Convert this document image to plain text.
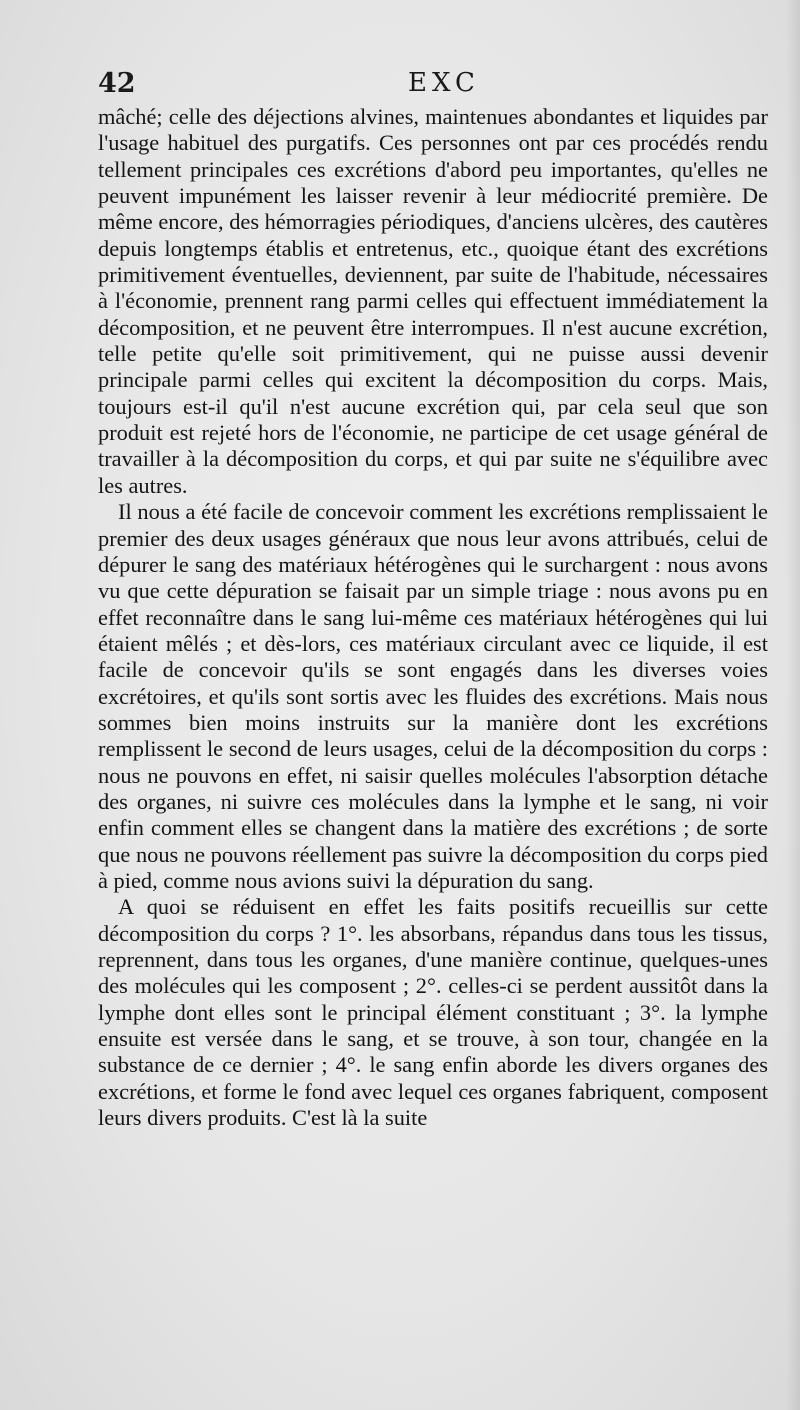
42	EXC

mâché; celle des déjections alvines, maintenues abondantes et liquides par l'usage habituel des purgatifs. Ces personnes ont par ces procédés rendu tellement principales ces excrétions d'abord peu importantes, qu'elles ne peuvent impunément les laisser revenir à leur médiocrité première. De même encore, des hémorragies périodiques, d'anciens ulcères, des cautères depuis longtemps établis et entretenus, etc., quoique étant des excrétions primitivement éventuelles, deviennent, par suite de l'habitude, nécessaires à l'économie, prennent rang parmi celles qui effectuent immédiatement la décomposition, et ne peuvent être interrompues. Il n'est aucune excrétion, telle petite qu'elle soit primitivement, qui ne puisse aussi devenir principale parmi celles qui excitent la décomposition du corps. Mais, toujours est-il qu'il n'est aucune excrétion qui, par cela seul que son produit est rejeté hors de l'économie, ne participe de cet usage général de travailler à la décomposition du corps, et qui par suite ne s'équilibre avec les autres.

Il nous a été facile de concevoir comment les excrétions remplissaient le premier des deux usages généraux que nous leur avons attribués, celui de dépurer le sang des matériaux hétérogènes qui le surchargent : nous avons vu que cette dépuration se faisait par un simple triage : nous avons pu en effet reconnaître dans le sang lui-même ces matériaux hétérogènes qui lui étaient mêlés ; et dès-lors, ces matériaux circulant avec ce liquide, il est facile de concevoir qu'ils se sont engagés dans les diverses voies excrétoires, et qu'ils sont sortis avec les fluides des excrétions. Mais nous sommes bien moins instruits sur la manière dont les excrétions remplissent le second de leurs usages, celui de la décomposition du corps : nous ne pouvons en effet, ni saisir quelles molécules l'absorption détache des organes, ni suivre ces molécules dans la lymphe et le sang, ni voir enfin comment elles se changent dans la matière des excrétions ; de sorte que nous ne pouvons réellement pas suivre la décomposition du corps pied à pied, comme nous avions suivi la dépuration du sang.

A quoi se réduisent en effet les faits positifs recueillis sur cette décomposition du corps ? 1°. les absorbans, répandus dans tous les tissus, reprennent, dans tous les organes, d'une manière continue, quelques-unes des molécules qui les composent ; 2°. celles-ci se perdent aussitôt dans la lymphe dont elles sont le principal élément constituant ; 3°. la lymphe ensuite est versée dans le sang, et se trouve, à son tour, changée en la substance de ce dernier ; 4°. le sang enfin aborde les divers organes des excrétions, et forme le fond avec lequel ces organes fabriquent, composent leurs divers produits. C'est là la suite
